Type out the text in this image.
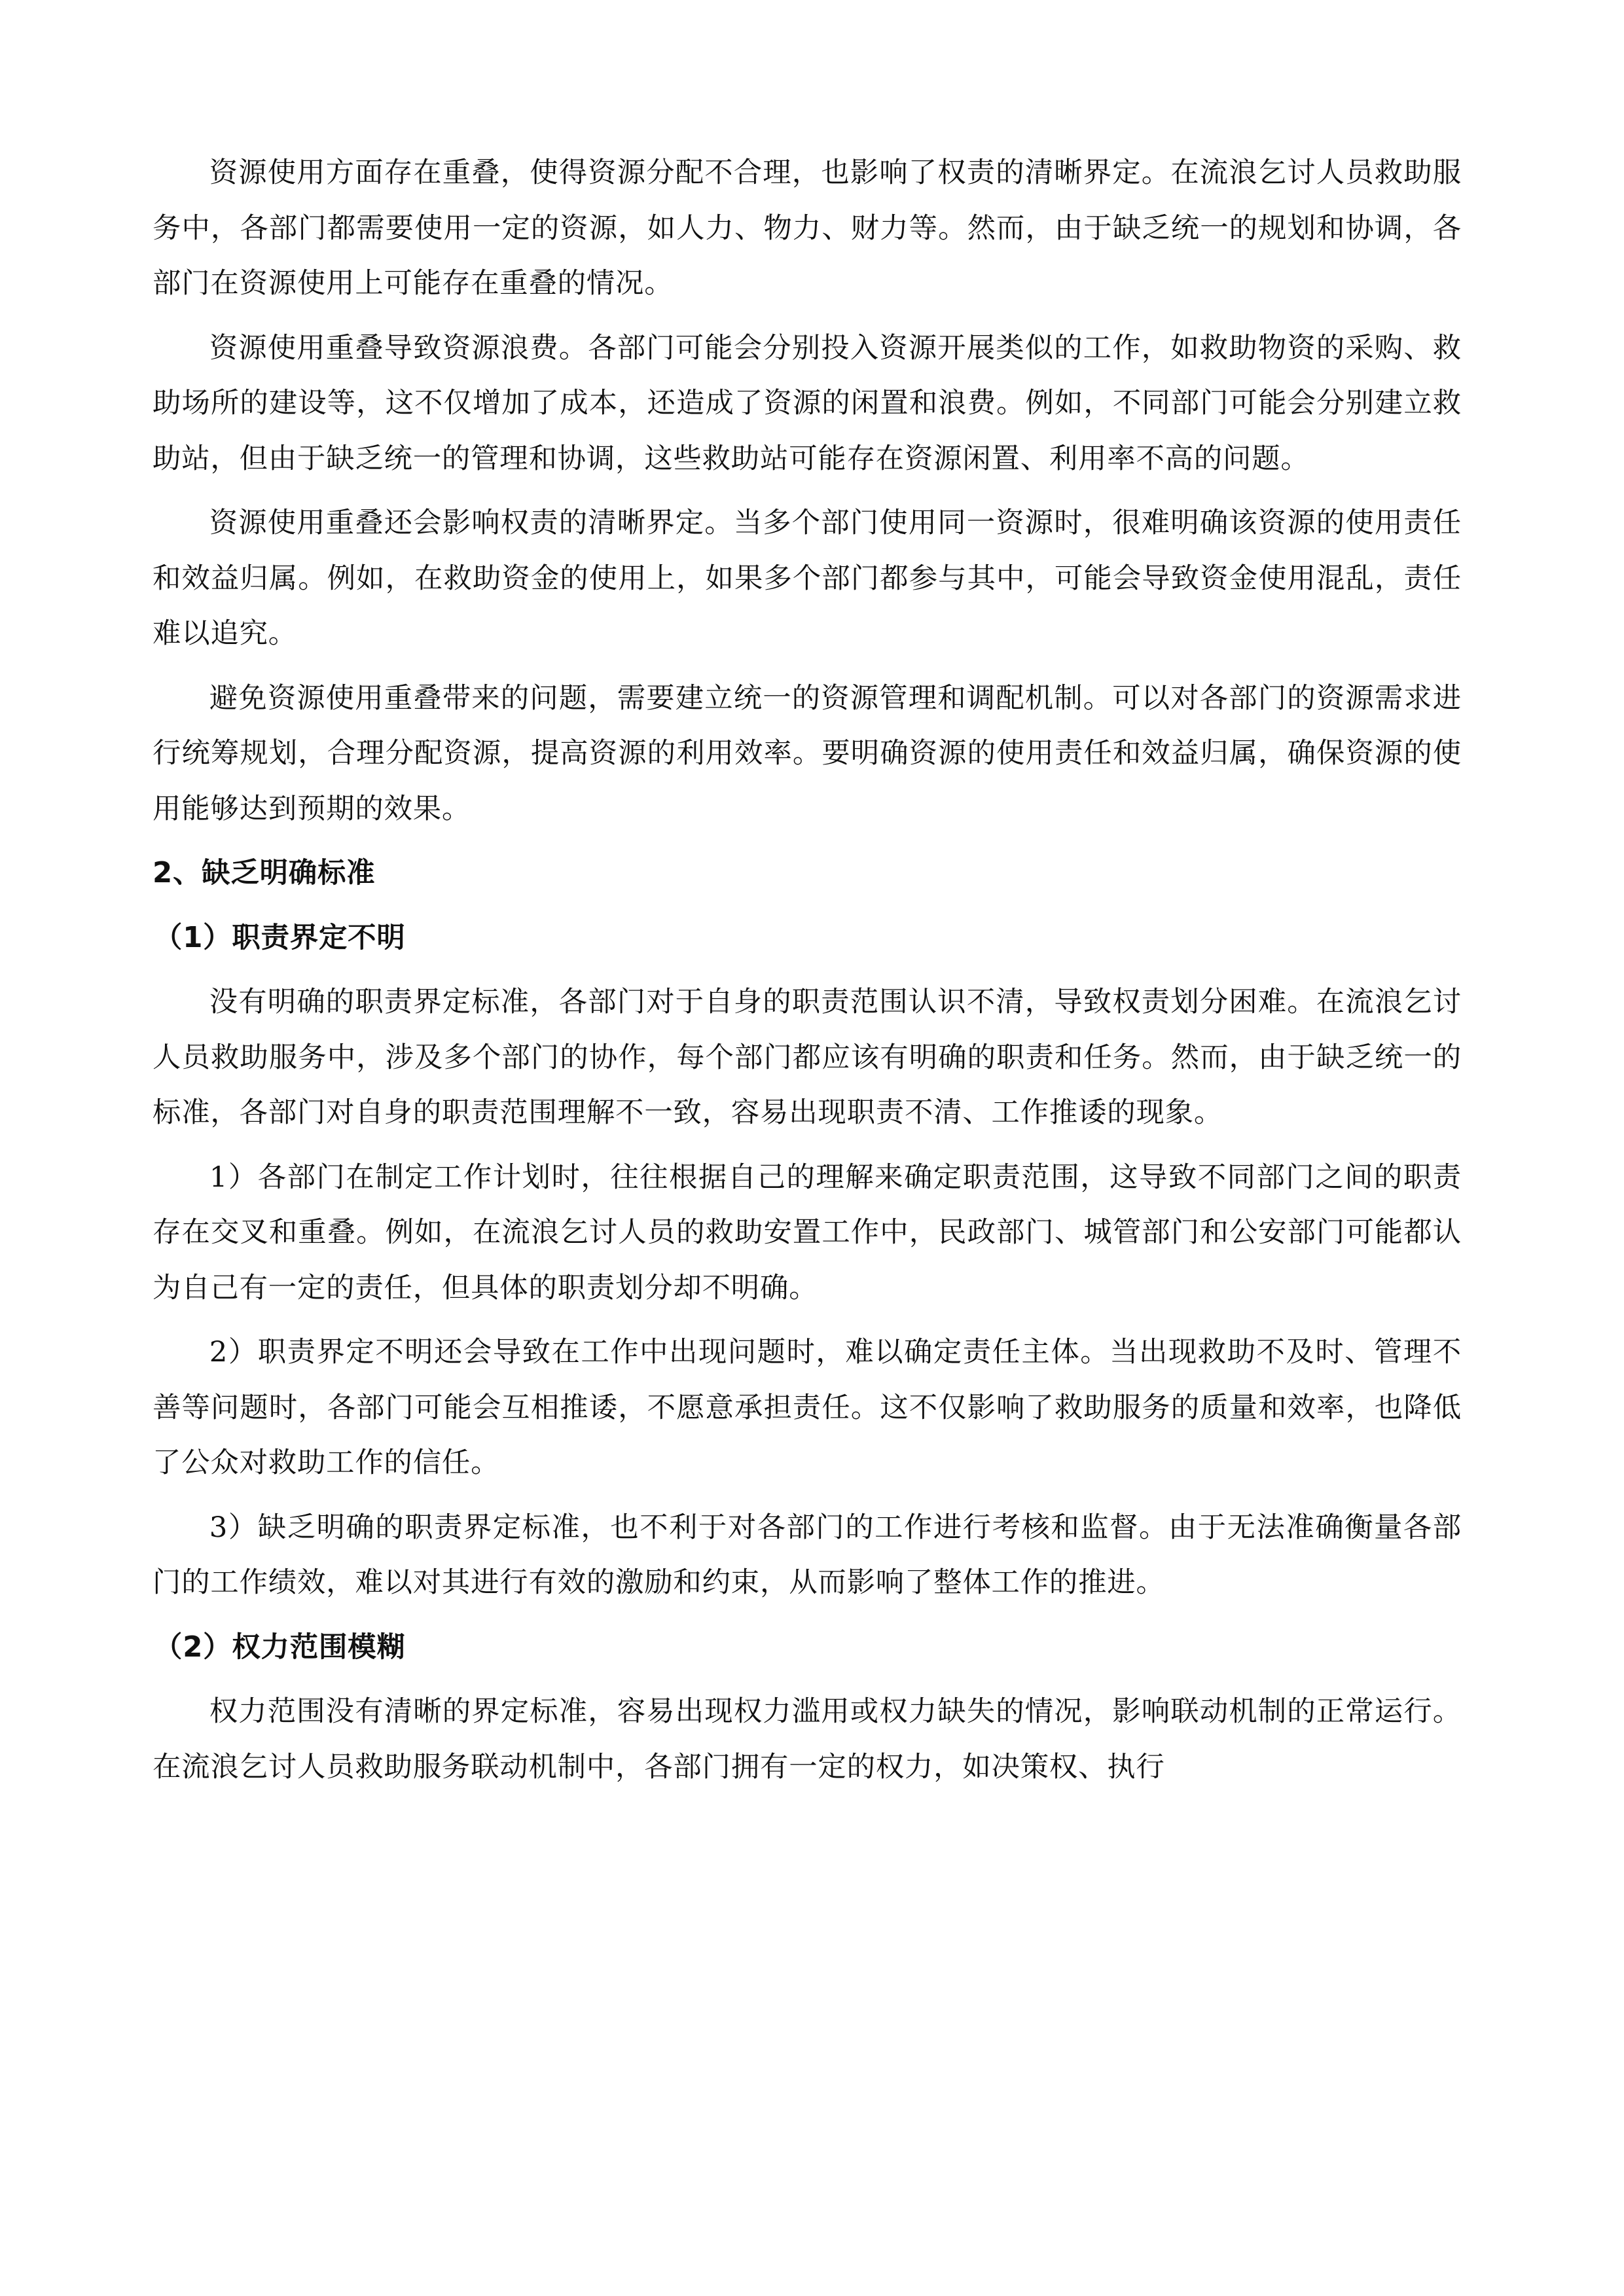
资源使用方面存在重叠，使得资源分配不合理，也影响了权责的清晰界定。在流浪乞讨人员救助服务中，各部门都需要使用一定的资源，如人力、物力、财力等。然而，由于缺乏统一的规划和协调，各部门在资源使用上可能存在重叠的情况。

资源使用重叠导致资源浪费。各部门可能会分别投入资源开展类似的工作，如救助物资的采购、救助场所的建设等，这不仅增加了成本，还造成了资源的闲置和浪费。例如，不同部门可能会分别建立救助站，但由于缺乏统一的管理和协调，这些救助站可能存在资源闲置、利用率不高的问题。

资源使用重叠还会影响权责的清晰界定。当多个部门使用同一资源时，很难明确该资源的使用责任和效益归属。例如，在救助资金的使用上，如果多个部门都参与其中，可能会导致资金使用混乱，责任难以追究。

避免资源使用重叠带来的问题，需要建立统一的资源管理和调配机制。可以对各部门的资源需求进行统筹规划，合理分配资源，提高资源的利用效率。要明确资源的使用责任和效益归属，确保资源的使用能够达到预期的效果。

2、缺乏明确标准
（1）职责界定不明

没有明确的职责界定标准，各部门对于自身的职责范围认识不清，导致权责划分困难。在流浪乞讨人员救助服务中，涉及多个部门的协作，每个部门都应该有明确的职责和任务。然而，由于缺乏统一的标准，各部门对自身的职责范围理解不一致，容易出现职责不清、工作推诿的现象。

1）各部门在制定工作计划时，往往根据自己的理解来确定职责范围，这导致不同部门之间的职责存在交叉和重叠。例如，在流浪乞讨人员的救助安置工作中，民政部门、城管部门和公安部门可能都认为自己有一定的责任，但具体的职责划分却不明确。

2）职责界定不明还会导致在工作中出现问题时，难以确定责任主体。当出现救助不及时、管理不善等问题时，各部门可能会互相推诿，不愿意承担责任。这不仅影响了救助服务的质量和效率，也降低了公众对救助工作的信任。

3）缺乏明确的职责界定标准，也不利于对各部门的工作进行考核和监督。由于无法准确衡量各部门的工作绩效，难以对其进行有效的激励和约束，从而影响了整体工作的推进。

（2）权力范围模糊

权力范围没有清晰的界定标准，容易出现权力滥用或权力缺失的情况，影响联动机制的正常运行。在流浪乞讨人员救助服务联动机制中，各部门拥有一定的权力，如决策权、执行
